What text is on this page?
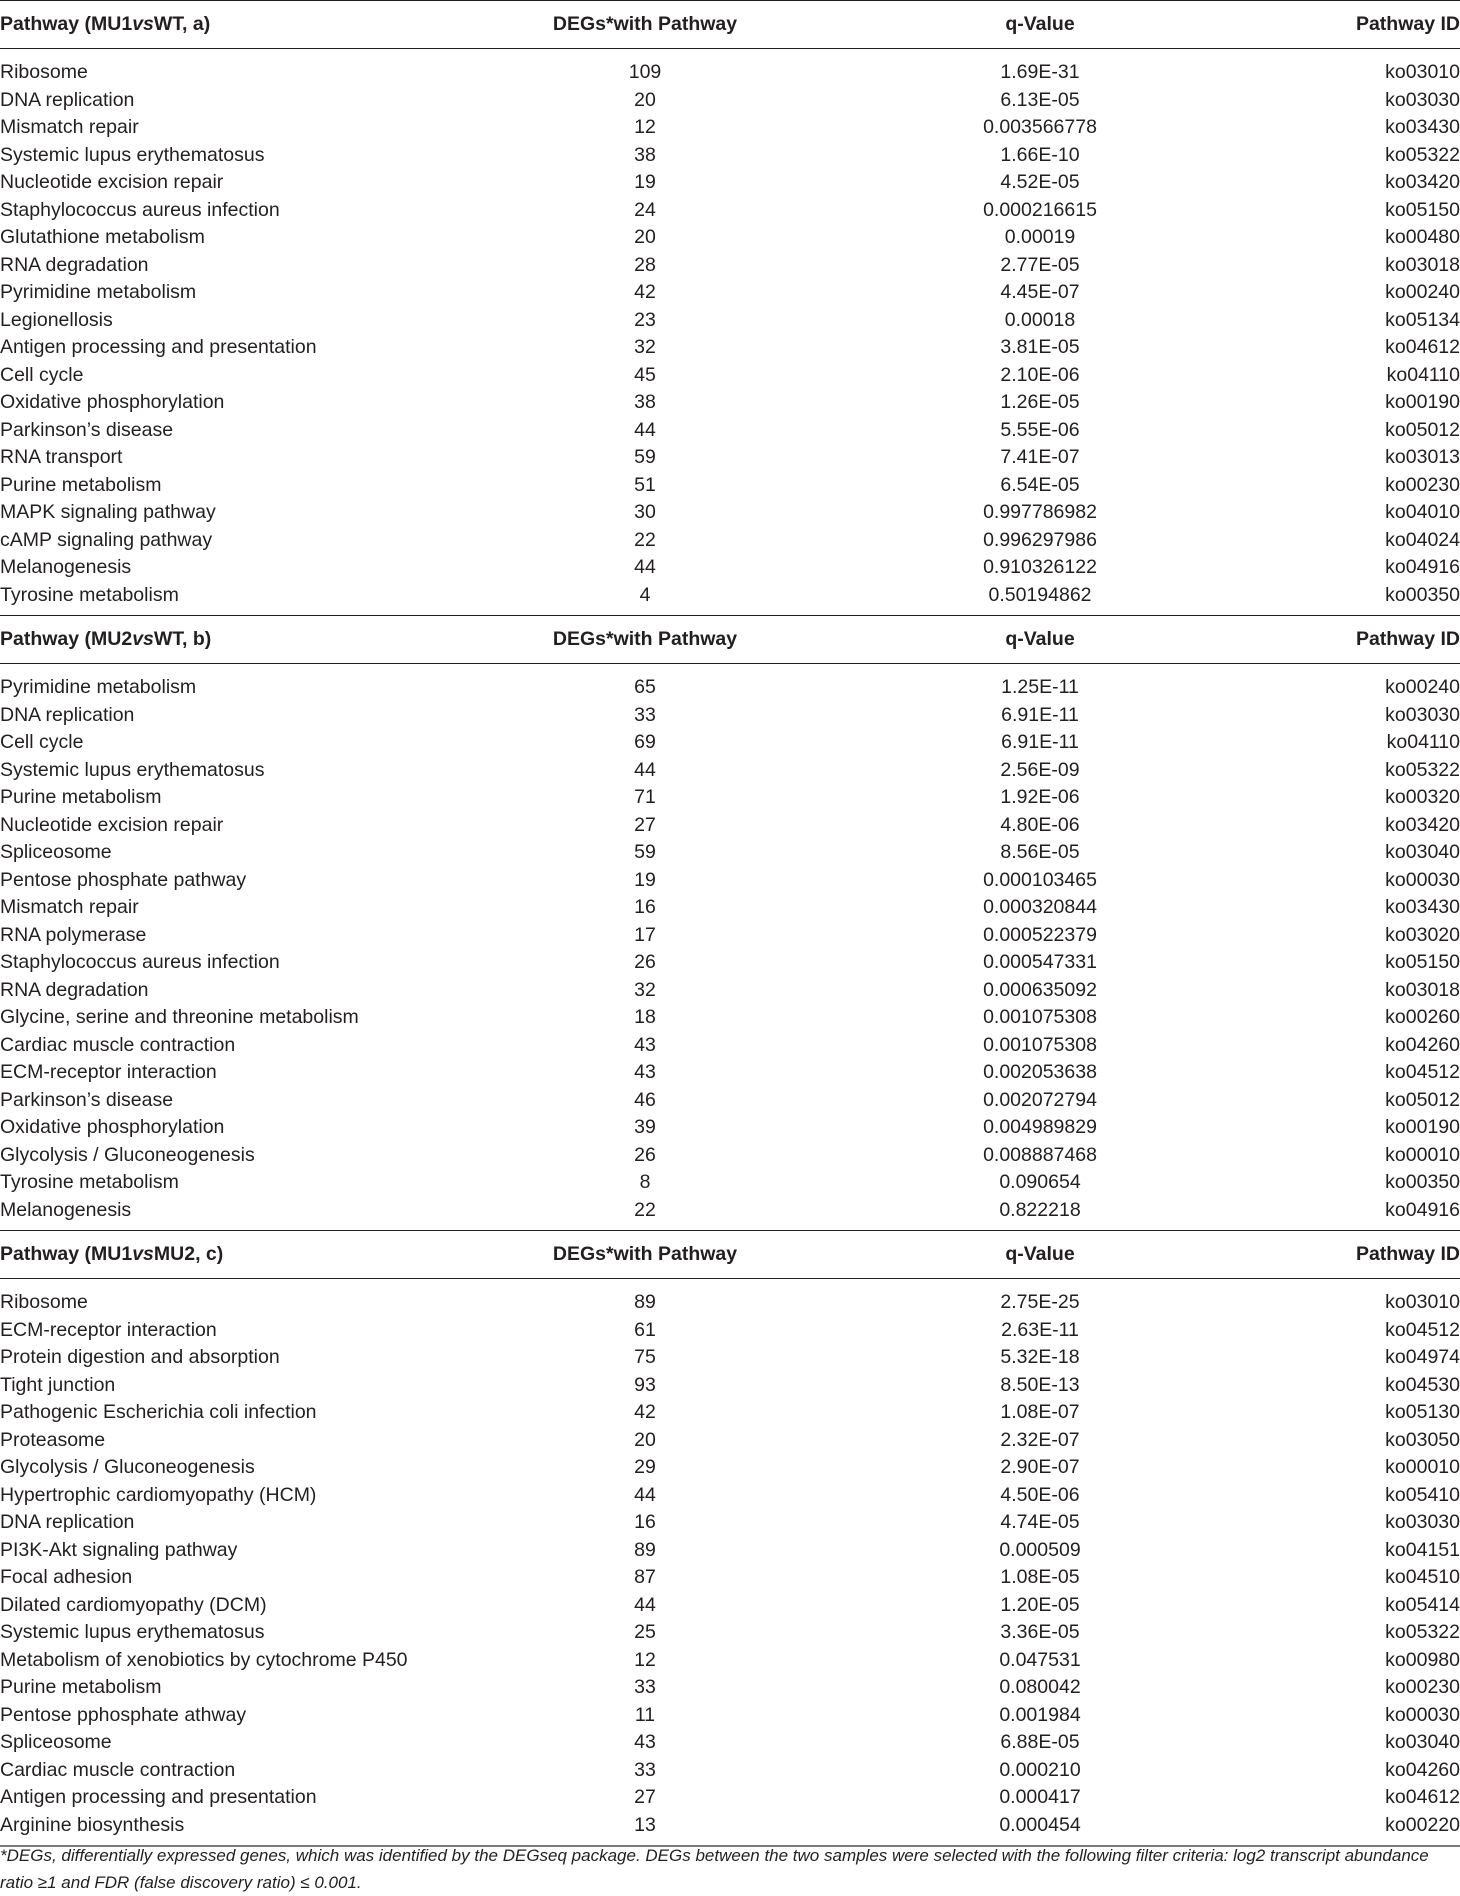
Pathway (MU1vsWT, a)	DEGs*with Pathway	q-Value	Pathway ID

Ribosome	109	1.69E-31	ko03010
DNA replication	20	6.13E-05	ko03030
Mismatch repair	12	0.003566778	ko03430
Systemic lupus erythematosus	38	1.66E-10	ko05322
Nucleotide excision repair	19	4.52E-05	ko03420
Staphylococcus aureus infection	24	0.000216615	ko05150
Glutathione metabolism	20	0.00019	ko00480
RNA degradation	28	2.77E-05	ko03018
Pyrimidine metabolism	42	4.45E-07	ko00240
Legionellosis	23	0.00018	ko05134
Antigen processing and presentation	32	3.81E-05	ko04612
Cell cycle	45	2.10E-06	ko04110
Oxidative phosphorylation	38	1.26E-05	ko00190
Parkinson’s disease	44	5.55E-06	ko05012
RNA transport	59	7.41E-07	ko03013
Purine metabolism	51	6.54E-05	ko00230
MAPK signaling pathway	30	0.997786982	ko04010
cAMP signaling pathway	22	0.996297986	ko04024
Melanogenesis	44	0.910326122	ko04916
Tyrosine metabolism	4	0.50194862	ko00350

Pathway (MU2vsWT, b)	DEGs*with Pathway	q-Value	Pathway ID

Pyrimidine metabolism	65	1.25E-11	ko00240
DNA replication	33	6.91E-11	ko03030
Cell cycle	69	6.91E-11	ko04110
Systemic lupus erythematosus	44	2.56E-09	ko05322
Purine metabolism	71	1.92E-06	ko00320
Nucleotide excision repair	27	4.80E-06	ko03420
Spliceosome	59	8.56E-05	ko03040
Pentose phosphate pathway	19	0.000103465	ko00030
Mismatch repair	16	0.000320844	ko03430
RNA polymerase	17	0.000522379	ko03020
Staphylococcus aureus infection	26	0.000547331	ko05150
RNA degradation	32	0.000635092	ko03018
Glycine, serine and threonine metabolism	18	0.001075308	ko00260
Cardiac muscle contraction	43	0.001075308	ko04260
ECM-receptor interaction	43	0.002053638	ko04512
Parkinson’s disease	46	0.002072794	ko05012
Oxidative phosphorylation	39	0.004989829	ko00190
Glycolysis / Gluconeogenesis	26	0.008887468	ko00010
Tyrosine metabolism	8	0.090654	ko00350
Melanogenesis	22	0.822218	ko04916

Pathway (MU1vsMU2, c)	DEGs*with Pathway	q-Value	Pathway ID

Ribosome	89	2.75E-25	ko03010
ECM-receptor interaction	61	2.63E-11	ko04512
Protein digestion and absorption	75	5.32E-18	ko04974
Tight junction	93	8.50E-13	ko04530
Pathogenic Escherichia coli infection	42	1.08E-07	ko05130
Proteasome	20	2.32E-07	ko03050
Glycolysis / Gluconeogenesis	29	2.90E-07	ko00010
Hypertrophic cardiomyopathy (HCM)	44	4.50E-06	ko05410
DNA replication	16	4.74E-05	ko03030
PI3K-Akt signaling pathway	89	0.000509	ko04151
Focal adhesion	87	1.08E-05	ko04510
Dilated cardiomyopathy (DCM)	44	1.20E-05	ko05414
Systemic lupus erythematosus	25	3.36E-05	ko05322
Metabolism of xenobiotics by cytochrome P450	12	0.047531	ko00980
Purine metabolism	33	0.080042	ko00230
Pentose pphosphate athway	11	0.001984	ko00030
Spliceosome	43	6.88E-05	ko03040
Cardiac muscle contraction	33	0.000210	ko04260
Antigen processing and presentation	27	0.000417	ko04612
Arginine biosynthesis	13	0.000454	ko00220
*DEGs, differentially expressed genes, which was identified by the DEGseq package. DEGs between the two samples were selected with the following filter criteria: log2 transcript abundance ratio ≥1 and FDR (false discovery ratio) ≤ 0.001.
